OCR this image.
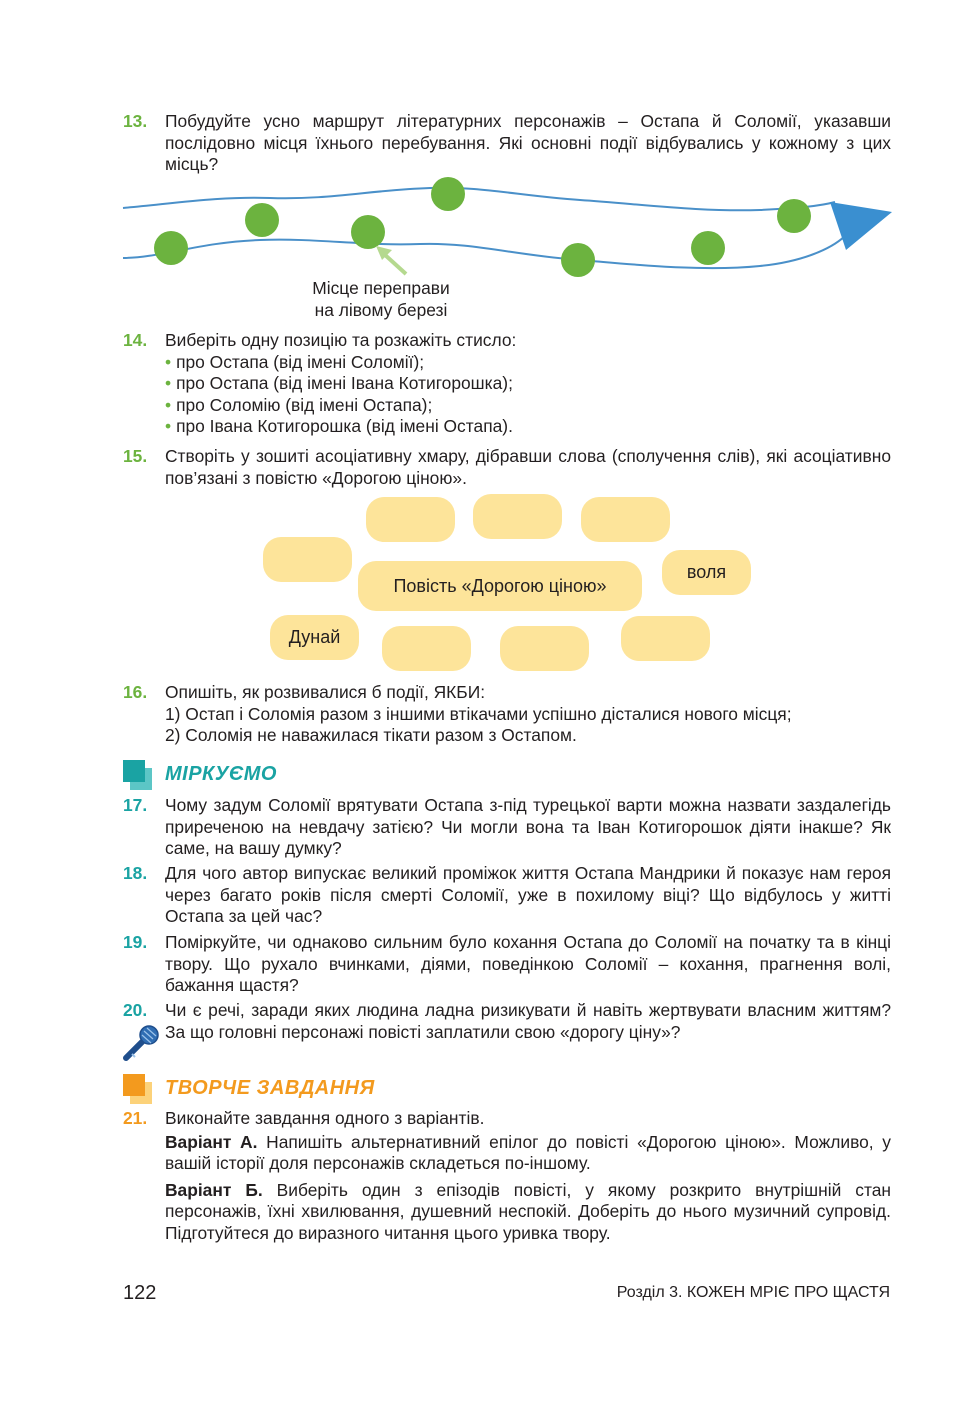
13. Побудуйте усно маршрут літературних персонажів – Остапа й Соломії, указавши послідовно місця їхнього перебування. Які основні події відбувались у кожному з цих місць?
Місце переправи
на лівому березі
14. Виберіть одну позицію та розкажіть стисло:
• про Остапа (від імені Соломії);
• про Остапа (від імені Івана Котигорошка);
• про Соломію (від імені Остапа);
• про Івана Котигорошка (від імені Остапа).
15. Створіть у зошиті асоціативну хмару, дібравши слова (сполучення слів), які асоціативно пов’язані з повістю «Дорогою ціною».
Повість «Дорогою ціною»
воля
Дунай
16. Опишіть, як розвивалися б події, ЯКБИ:
1) Остап і Соломія разом з іншими втікачами успішно дісталися нового місця;
2) Соломія не наважилася тікати разом з Остапом.
МІРКУЄМО
17. Чому задум Соломії врятувати Остапа з-під турецької варти можна назвати заздалегідь приреченою на невдачу затією? Чи могли вона та Іван Котигорошок діяти інакше? Як саме, на вашу думку?
18. Для чого автор випускає великий проміжок життя Остапа Мандрики й показує нам героя через багато років після смерті Соломії, уже в похилому віці? Що відбулось у житті Остапа за цей час?
19. Поміркуйте, чи однаково сильним було кохання Остапа до Соломії на початку та в кінці твору. Що рухало вчинками, діями, поведінкою Соломії – кохання, прагнення волі, бажання щастя?
20. Чи є речі, заради яких людина ладна ризикувати й навіть жертвувати власним життям? За що головні персонажі повісті заплатили свою «дорогу ціну»?
ТВОРЧЕ ЗАВДАННЯ
21. Виконайте завдання одного з варіантів.
Варіант А. Напишіть альтернативний епілог до повісті «Дорогою ціною». Можливо, у вашій історії доля персонажів складеться по-іншому.
Варіант Б. Виберіть один з епізодів повісті, у якому розкрито внутрішній стан персонажів, їхні хвилювання, душевний неспокій. Доберіть до нього музичний супровід. Підготуйтеся до виразного читання цього уривка твору.
122	Розділ 3. КОЖЕН МРІЄ ПРО ЩАСТЯ
